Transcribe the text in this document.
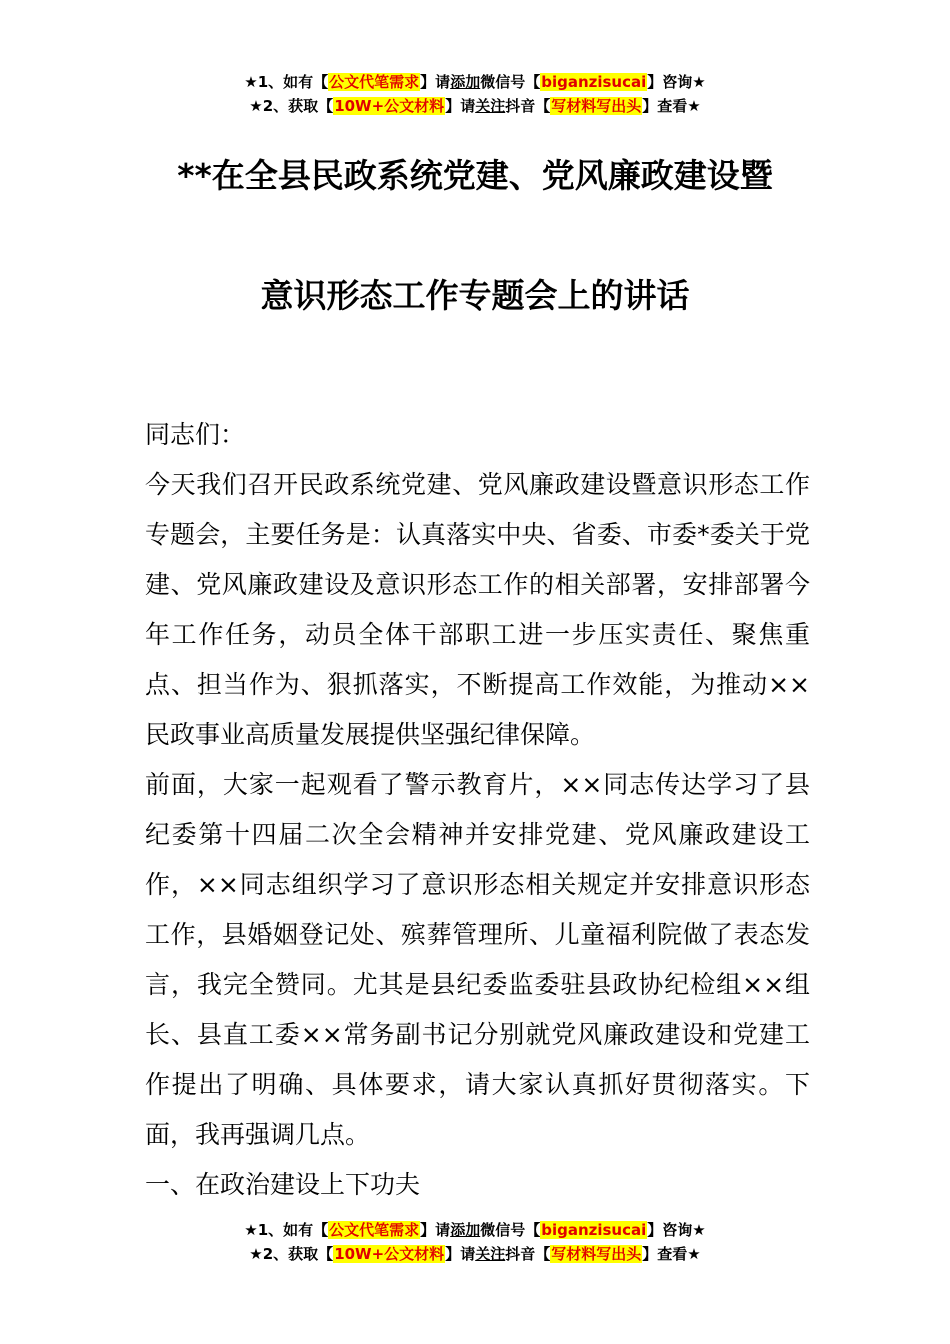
★1、如有【公文代笔需求】请添加微信号【biganzisucai】咨询★
★2、获取【10W+公文材料】请关注抖音【写材料写出头】查看★
**在全县民政系统党建、党风廉政建设暨
意识形态工作专题会上的讲话

同志们：

今天我们召开民政系统党建、党风廉政建设暨意识形态工作专题会，主要任务是：认真落实中央、省委、市委*委关于党建、党风廉政建设及意识形态工作的相关部署，安排部署今年工作任务，动员全体干部职工进一步压实责任、聚焦重点、担当作为、狠抓落实，不断提高工作效能，为推动××民政事业高质量发展提供坚强纪律保障。

前面，大家一起观看了警示教育片，××同志传达学习了县纪委第十四届二次全会精神并安排党建、党风廉政建设工作，××同志组织学习了意识形态相关规定并安排意识形态工作，县婚姻登记处、殡葬管理所、儿童福利院做了表态发言，我完全赞同。尤其是县纪委监委驻县政协纪检组××组长、县直工委××常务副书记分别就党风廉政建设和党建工作提出了明确、具体要求，请大家认真抓好贯彻落实。下面，我再强调几点。

一、在政治建设上下功夫

★1、如有【公文代笔需求】请添加微信号【biganzisucai】咨询★
★2、获取【10W+公文材料】请关注抖音【写材料写出头】查看★
